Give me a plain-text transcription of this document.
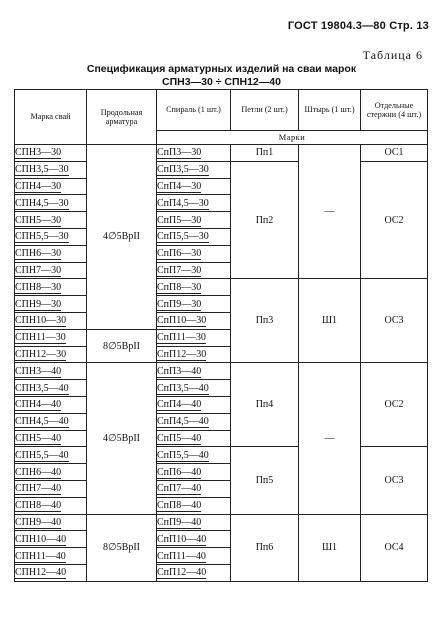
ГОСТ 19804.3—80 Стр. 13
Таблица 6
Спецификация арматурных изделий на сваи марок
СПН3—30 ÷ СПН12—40
Марка свай	Продольная арматура	Спираль (1 шт.)	Петли (2 шт.)	Штырь (1 шт.)	Отдельные стержни (4 шт.)
		Марки			
СПН3—30	4∅5ВрII	СпП3—30	Пп1	—	ОС1
СПН3,5—30		СпП3,5—30	Пп2		ОС2
СПН4—30		СпП4—30			
СПН4,5—30		СпП4,5—30			
СПН5—30		СпП5—30			
СПН5,5—30		СпП5,5—30			
СПН6—30		СпП6—30			
СПН7—30		СпП7—30			
СПН8—30		СпП8—30	Пп3	Ш1	ОС3
СПН9—30		СпП9—30			
СПН10—30		СпП10—30			
СПН11—30	8∅5ВрII	СпП11—30			
СПН12—30		СпП12—30			
СПН3—40	4∅5ВрII	СпП3—40	Пп4	—	ОС2
СПН3,5—40		СпП3,5—40			
СПН4—40		СпП4—40			
СПН4,5—40		СпП4,5—40			
СПН5—40		СпП5—40			
СПН5,5—40		СпП5,5—40	Пп5		ОС3
СПН6—40		СпП6—40			
СПН7—40		СпП7—40			
СПН8—40		СпП8—40			
СПН9—40	8∅5ВрII	СпП9—40	Пп6	Ш1	ОС4
СПН10—40		СпП10—40			
СПН11—40		СпП11—40			
СПН12—40		СпП12—40			
